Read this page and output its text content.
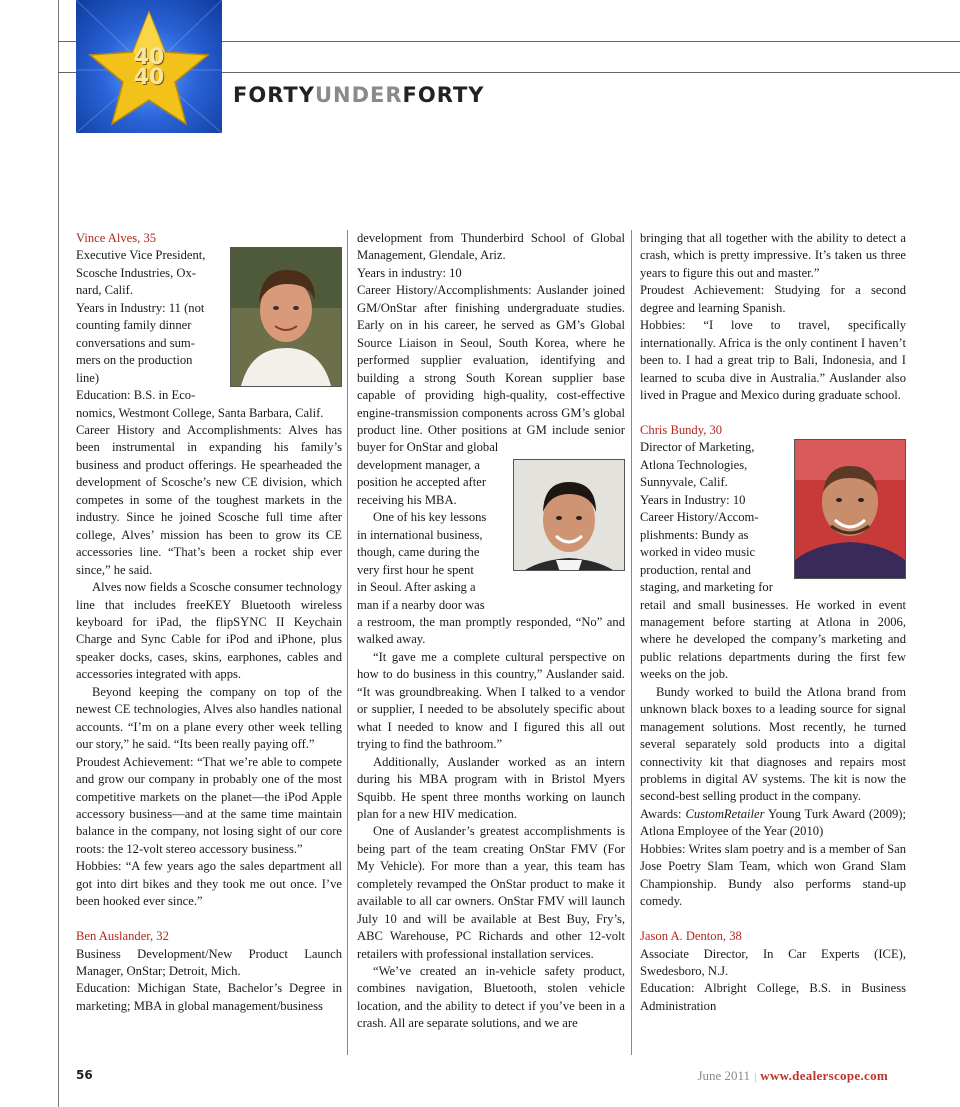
40
40
FORTYUNDERFORTY

Vince Alves, 35

Executive Vice President,

Scosche Industries, Ox-

nard, Calif.

Years in Industry: 11 (not

counting family dinner

conversations and sum-

mers on the production

line)

Education: B.S. in Eco-

nomics, Westmont College, Santa Barbara, Calif.

Career History and Accomplishments: Alves has been instrumental in expanding his family’s business and product offerings. He spearheaded the development of Scosche’s new CE division, which competes in some of the toughest markets in the industry. Since he joined Scosche full time after college, Alves’ mission has been to grow its CE accessories line. “That’s been a rocket ship ever since,” he said.

Alves now fields a Scosche consumer technology line that includes freeKEY Bluetooth wireless keyboard for iPad, the flipSYNC II Keychain Charge and Sync Cable for iPod and iPhone, plus speaker docks, cases, skins, earphones, cables and accessories integrated with apps.

Beyond keeping the company on top of the newest CE technologies, Alves also handles national accounts. “I’m on a plane every other week telling our story,” he said. “Its been really paying off.”

Proudest Achievement: “That we’re able to compete and grow our company in probably one of the most competitive markets on the planet—the iPod Apple accessory business—and at the same time maintain balance in the company, not losing sight of our core roots: the 12-volt stereo accessory business.”

Hobbies: “A few years ago the sales department all got into dirt bikes and they took me out once. I’ve been hooked ever since.”

Ben Auslander, 32

Business Development/New Product Launch Manager, OnStar; Detroit, Mich.

Education: Michigan State, Bachelor’s Degree in marketing; MBA in global management/business

development from Thunderbird School of Global Management, Glendale, Ariz.

Years in industry: 10

Career History/Accomplishments: Auslander joined GM/OnStar after finishing undergraduate studies. Early on in his career, he served as GM’s Global Source Liaison in Seoul, South Korea, where he performed supplier evaluation, identifying and building a strong South Korean supplier base capable of providing high-quality, cost-effective engine-transmission components across GM’s global product line. Other positions at GM include senior buyer for OnStar and global

development manager, a

position he accepted after

receiving his MBA.

One of his key lessons

in international business,

though, came during the

very first hour he spent

in Seoul. After asking a

man if a nearby door was

a restroom, the man promptly responded, “No” and walked away.

“It gave me a complete cultural perspective on how to do business in this country,” Auslander said. “It was groundbreaking. When I talked to a vendor or supplier, I needed to be absolutely specific about what I needed to know and I figured this all out trying to find the bathroom.”

Additionally, Auslander worked as an intern during his MBA program with in Bristol Myers Squibb. He spent three months working on launch plan for a new HIV medication.

One of Auslander’s greatest accomplishments is being part of the team creating OnStar FMV (For My Vehicle). For more than a year, this team has completely revamped the OnStar product to make it available to all car owners. OnStar FMV will launch July 10 and will be available at Best Buy, Fry’s, ABC Warehouse, PC Richards and other 12-volt retailers with professional installation services.

“We’ve created an in-vehicle safety product, combines navigation, Bluetooth, stolen vehicle location, and the ability to detect if you’ve been in a crash. All are separate solutions, and we are

bringing that all together with the ability to detect a crash, which is pretty impressive. It’s taken us three years to figure this out and master.”

Proudest Achievement: Studying for a second degree and learning Spanish.

Hobbies: “I love to travel, specifically internationally. Africa is the only continent I haven’t been to. I had a great trip to Bali, Indonesia, and I learned to scuba dive in Australia.” Auslander also lived in Prague and Mexico during graduate school.

Chris Bundy, 30

Director of Marketing,

Atlona Technologies,

Sunnyvale, Calif.

Years in Industry: 10

Career History/Accom-

plishments: Bundy as

worked in video music

production, rental and

staging, and marketing for

retail and small businesses. He worked in event management before starting at Atlona in 2006, where he developed the company’s marketing and public relations departments during the first few weeks on the job.

Bundy worked to build the Atlona brand from unknown black boxes to a leading source for signal management solutions. Most recently, he turned several separately sold products into a digital connectivity kit that diagnoses and repairs most problems in digital AV systems. The kit is now the second-best selling product in the company.

Awards: CustomRetailer Young Turk Award (2009); Atlona Employee of the Year (2010)

Hobbies: Writes slam poetry and is a member of San Jose Poetry Slam Team, which won Grand Slam Championship. Bundy also performs stand-up comedy.

Jason A. Denton, 38

Associate Director, In Car Experts (ICE), Swedesboro, N.J.

Education: Albright College, B.S. in Business Administration

56	June 2011 | www.dealerscope.com
